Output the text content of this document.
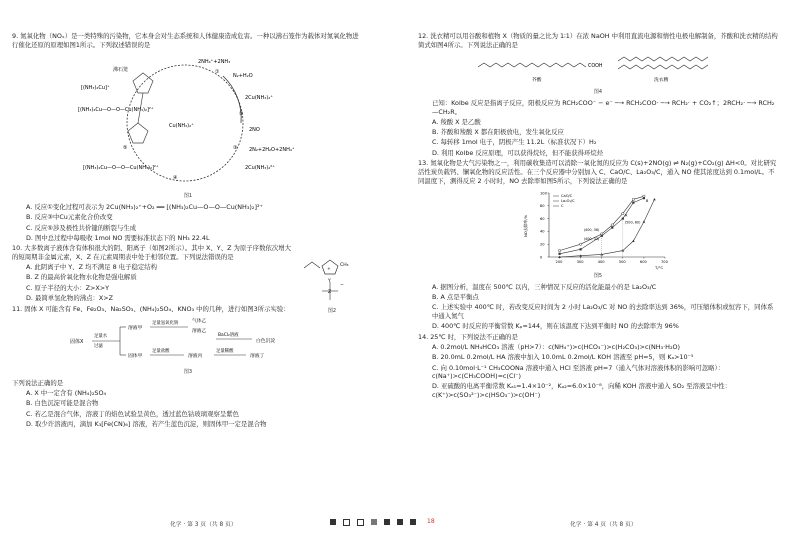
9. 氮氧化物（NOₓ）是一类特殊的污染物，它本身会对生态系统和人体健康造成危害。一种以沸石笼作为载体对氮氧化物进行催化还原的原理如图1所示。下列叙述错误的是

2NH₄⁺+2NH₃
N₂+H₂O
[(NH₃)₂Cu]⁺
2Cu(NH₃)₂⁺
Cu(NH₃)₂⁺
[(NH₃)₄Cu—O—O—Cu(NH₃)₂]²⁺
2NO
2N₂+2H₂O+2NH₄⁺
2Cu(NH₃)₂²⁺
[(NH₃)₂Cu—O—O—Cu(NH₃)₂]²⁺
沸石笼	①
②
③
④
⑤
图1

A. 反应①变化过程可表示为 2Cu(NH₃)₂⁺+O₂ ══ [(NH₃)₂Cu—O—O—Cu(NH₃)₂]²⁺

B. 反应③中Cu元素化合价改变

C. 反应⑤涉及极性共价键的断裂与生成

D. 图中总过程中每吸收 1mol NO 需要标准状态下的 NH₃ 22.4L

10. 大多数离子液体含有体积很大的阴、阳离子（如图2所示）。其中 X、Y、Z 为原子序数依次增大的短周期非金属元素，X、Z 在元素周期表中处于相邻位置。下列说法错误的是

CH₃
+
Z
Y
−
图2

A. 此阴离子中 Y、Z 均不满足 8 电子稳定结构

B. Z 的最高价氧化物水化物是强电解质

C. 原子半径的大小：Z>X>Y

D. 最简单氢化物的沸点：X>Z

11. 固体 X 可能含有 Fe、Fe₂O₃、Na₂SO₃、(NH₄)₂SO₄、KNO₃ 中的几种，进行如图3所示实验：

固体X
足量水
过滤
溶液甲
固体甲
足量氢氧化钠	气体乙
溶液乙
BaCl₂溶液
白色沉淀
足量盐酸
溶液丙
足量稀酸
溶液丁
图3

下列说法正确的是

A. X 中一定含有 (NH₄)₂SO₄

B. 白色沉淀可能是混合物

C. 若乙是混合气体，溶液丁的焰色试验呈黄色，透过蓝色钴玻璃观察呈紫色

D. 取少许溶液丙，滴加 K₃[Fe(CN)₆] 溶液，若产生蓝色沉淀，则固体甲一定是混合物

12. 洗衣精可以用谷酸和植物 X（物质的量之比为 1∶1）在浓 NaOH 中利用直流电源和惰性电极电解制备，芥酸和洗衣精的结构简式如图4所示。下列说法正确的是

COOH
芥酸	洗衣精
图4

已知：Kolbe 反应是指离子反应，阳极反应为 RCH₂COO⁻ − e⁻ ─→ RCH₂COO· ─→ RCH₂· + CO₂↑；2RCH₂· ─→ RCH₂—CH₂R。

A. 羧酸 X 是乙酸

B. 芥酸和羧酸 X 都在阳极放电，发生氧化反应

C. 每转移 1mol 电子，阴极产生 11.2L（标准状况下）H₂

D. 利用 Kolbe 反应原理，可以获得烷烃，但不能获得环烷烃

13. 氮氧化物是大气污染物之一，利用碳收集造可以消除一氧化氮的反应为 C(s)+2NO(g) ⇌ N₂(g)+CO₂(g) ΔH<0。对比研究活性炭负载钙、镧氧化物的反应活性。在三个反应器中分别加入 C、CaO/C、La₂O₃/C，通入 NO 使其浓度达到 0.1mol/L。不同温度下，测得反应 2 小时时，NO 去除率如图5所示，下列说法正确的是

200	300	400	500	600	700
0
20
40
60
80
100
T/°C
NO去除率/%
CaO/C
La₂O₃/C
C
A
B
(400, 36)
(500, 60)
(400, 33)
图5

A. 据图分析，温度在 500℃ 以内，三种情况下反应的活化能最小的是 La₂O₃/C

B. A 点是平衡点

C. 上述实验中 400℃ 时，若改变反应时间为 2 小时 La₂O₃/C 对 NO 的去除率达到 36%，可压缩体积或恒容下，同体系中通入氮气

D. 400℃ 时反应的平衡常数 Kₚ=144，则在该温度下达到平衡时 NO 的去除率为 96%

14. 25℃ 时，下列说法不正确的是

A. 0.2mol/L NH₄HCO₃ 溶液（pH>7）：c(NH₄⁺)>c(HCO₃⁻)>c(H₂CO₃)>c(NH₃·H₂O)

B. 20.0mL 0.2mol/L HA 溶液中加入 10.0mL 0.2mol/L KOH 溶液至 pH=5，则 Kₐ>10⁻⁵

C. 向 0.10mol·L⁻¹ CH₃COONa 溶液中通入 HCl 至溶液 pH=7（通入气体对溶液体积的影响可忽略）：c(Na⁺)>c(CH₃COOH)=c(Cl⁻)

D. 亚硫酸的电离平衡常数 Kₐ₁=1.4×10⁻²，Kₐ₂=6.0×10⁻⁸，向稀 KOH 溶液中通入 SO₂ 至溶液呈中性：c(K⁺)>c(SO₃²⁻)>c(HSO₃⁻)>c(OH⁻)

化学 · 第 3 页（共 8 页）	18	化学 · 第 4 页（共 8 页）
